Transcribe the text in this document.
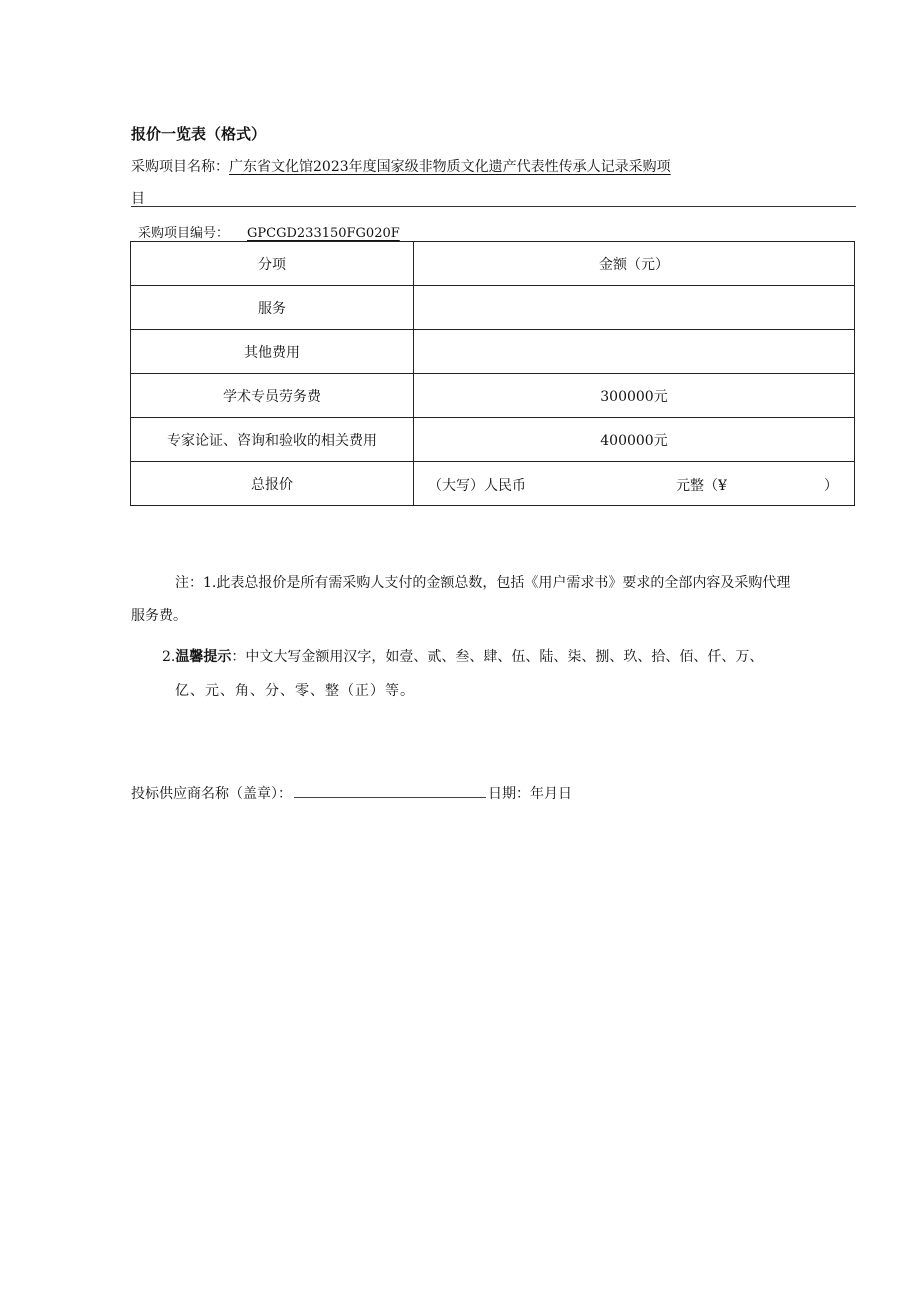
报价一览表（格式）
采购项目名称：广东省文化馆2023年度国家级非物质文化遗产代表性传承人记录采购项
目
采购项目编号： GPCGD233150FG020F
分项	金额（元）
服务	
其他费用	
学术专员劳务费	300000元
专家论证、咨询和验收的相关费用	400000元
总报价	（大写）人民币 元整（¥ ）
注：1.此表总报价是所有需采购人支付的金额总数，包括《用户需求书》要求的全部内容及采购代理
服务费。
2.温馨提示：中文大写金额用汉字，如壹、贰、叁、肆、伍、陆、柒、捌、玖、拾、佰、仟、万、
亿、元、角、分、零、整（正）等。
投标供应商名称（盖章）：	日期：年月日
